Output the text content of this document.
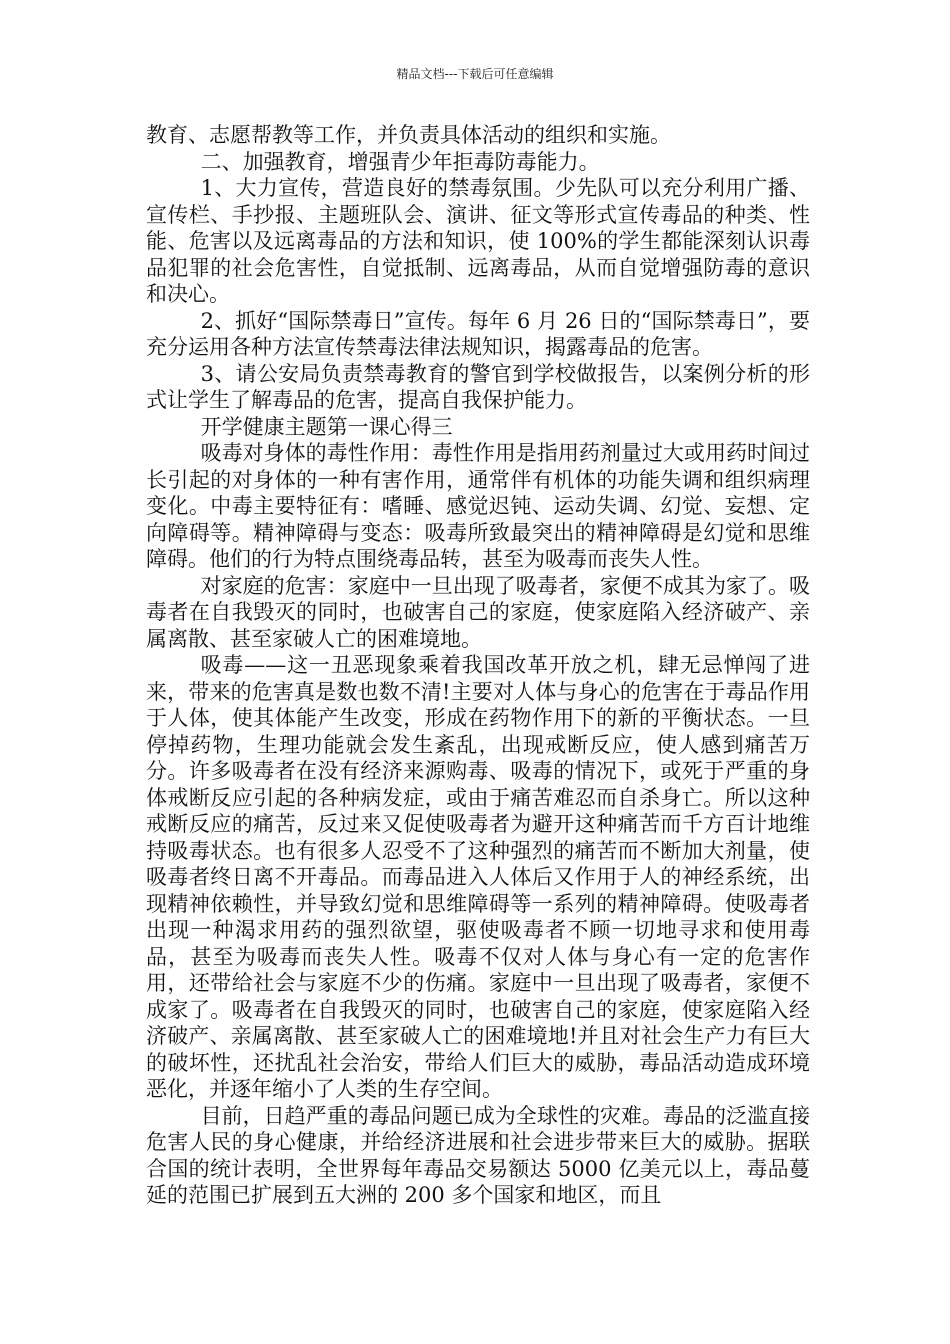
精品文档---下载后可任意编辑

教育、志愿帮教等工作，并负责具体活动的组织和实施。

二、加强教育，增强青少年拒毒防毒能力。

1、大力宣传，营造良好的禁毒氛围。少先队可以充分利用广播、宣传栏、手抄报、主题班队会、演讲、征文等形式宣传毒品的种类、性能、危害以及远离毒品的方法和知识，使 100%的学生都能深刻认识毒品犯罪的社会危害性，自觉抵制、远离毒品，从而自觉增强防毒的意识和决心。

2、抓好“国际禁毒日”宣传。每年 6 月 26 日的“国际禁毒日”，要充分运用各种方法宣传禁毒法律法规知识，揭露毒品的危害。

3、请公安局负责禁毒教育的警官到学校做报告，以案例分析的形式让学生了解毒品的危害，提高自我保护能力。

开学健康主题第一课心得三

吸毒对身体的毒性作用：毒性作用是指用药剂量过大或用药时间过长引起的对身体的一种有害作用，通常伴有机体的功能失调和组织病理变化。中毒主要特征有：嗜睡、感觉迟钝、运动失调、幻觉、妄想、定向障碍等。精神障碍与变态：吸毒所致最突出的精神障碍是幻觉和思维障碍。他们的行为特点围绕毒品转，甚至为吸毒而丧失人性。

对家庭的危害：家庭中一旦出现了吸毒者，家便不成其为家了。吸毒者在自我毁灭的同时，也破害自己的家庭，使家庭陷入经济破产、亲属离散、甚至家破人亡的困难境地。

吸毒——这一丑恶现象乘着我国改革开放之机，肆无忌惮闯了进来，带来的危害真是数也数不清!主要对人体与身心的危害在于毒品作用于人体，使其体能产生改变，形成在药物作用下的新的平衡状态。一旦停掉药物，生理功能就会发生紊乱，出现戒断反应，使人感到痛苦万分。许多吸毒者在没有经济来源购毒、吸毒的情况下，或死于严重的身体戒断反应引起的各种病发症，或由于痛苦难忍而自杀身亡。所以这种戒断反应的痛苦，反过来又促使吸毒者为避开这种痛苦而千方百计地维持吸毒状态。也有很多人忍受不了这种强烈的痛苦而不断加大剂量，使吸毒者终日离不开毒品。而毒品进入人体后又作用于人的神经系统，出现精神依赖性，并导致幻觉和思维障碍等一系列的精神障碍。使吸毒者出现一种渴求用药的强烈欲望，驱使吸毒者不顾一切地寻求和使用毒品，甚至为吸毒而丧失人性。吸毒不仅对人体与身心有一定的危害作用，还带给社会与家庭不少的伤痛。家庭中一旦出现了吸毒者，家便不成家了。吸毒者在自我毁灭的同时，也破害自己的家庭，使家庭陷入经济破产、亲属离散、甚至家破人亡的困难境地!并且对社会生产力有巨大的破坏性，还扰乱社会治安，带给人们巨大的威胁，毒品活动造成环境恶化，并逐年缩小了人类的生存空间。

目前，日趋严重的毒品问题已成为全球性的灾难。毒品的泛滥直接危害人民的身心健康，并给经济进展和社会进步带来巨大的威胁。据联合国的统计表明，全世界每年毒品交易额达 5000 亿美元以上，毒品蔓延的范围已扩展到五大洲的 200 多个国家和地区，而且
